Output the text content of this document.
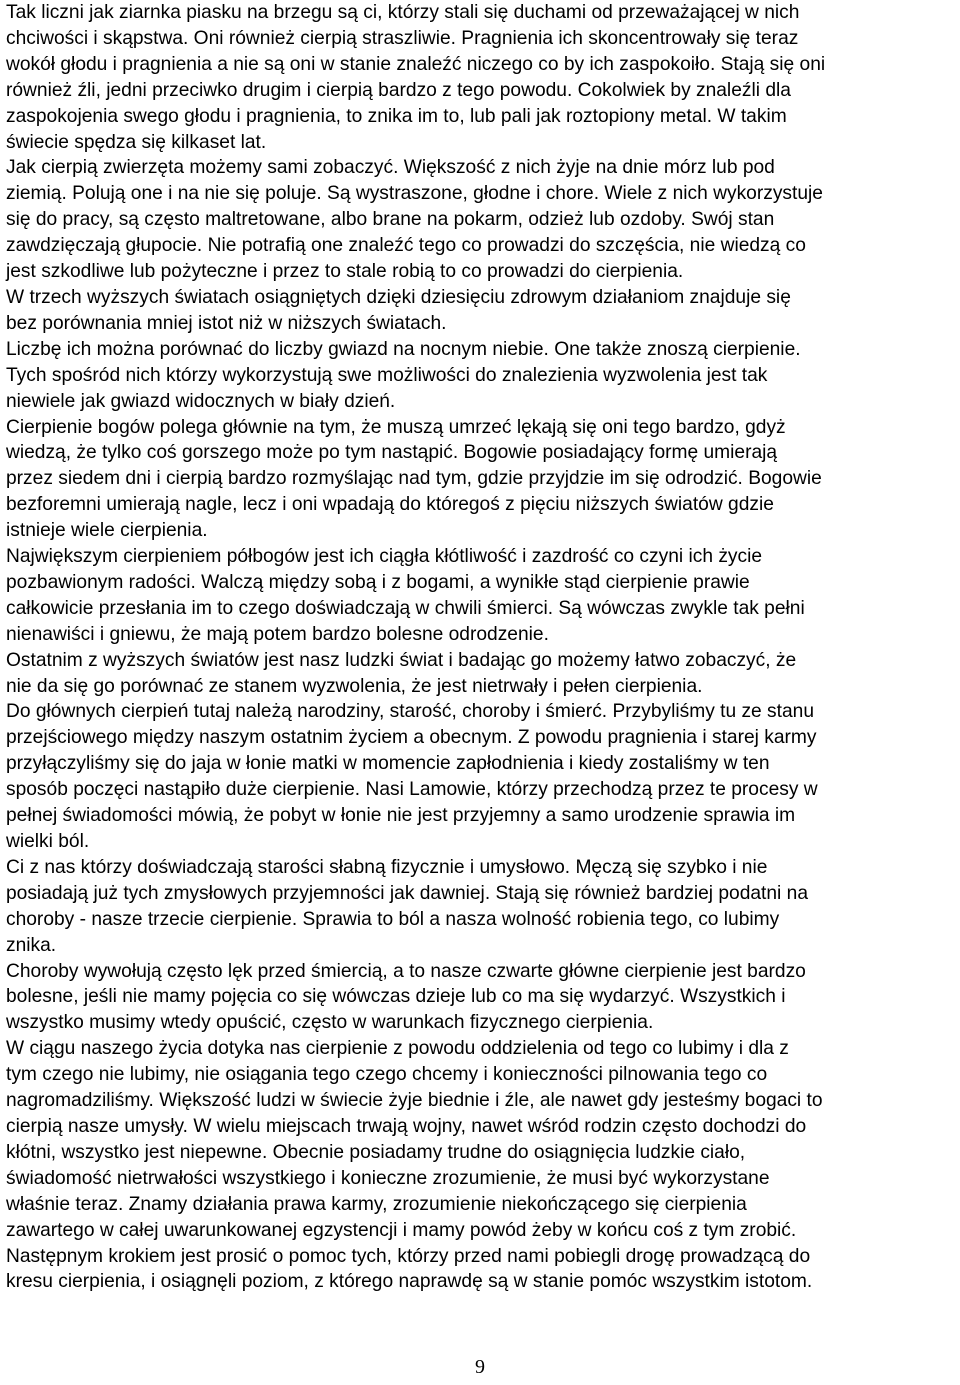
Tak liczni jak ziarnka piasku na brzegu są ci, którzy stali się duchami od przeważającej w nich
chciwości i skąpstwa. Oni również cierpią straszliwie. Pragnienia ich skoncentrowały się teraz
wokół głodu i pragnienia a nie są oni w stanie znaleźć niczego co by ich zaspokoiło. Stają się oni
również źli, jedni przeciwko drugim i cierpią bardzo z tego powodu. Cokolwiek by znaleźli dla
zaspokojenia swego głodu i pragnienia, to znika im to, lub pali jak roztopiony metal. W takim
świecie spędza się kilkaset lat.

Jak cierpią zwierzęta możemy sami zobaczyć. Większość z nich żyje na dnie mórz lub pod
ziemią. Polują one i na nie się poluje. Są wystraszone, głodne i chore. Wiele z nich wykorzystuje
się do pracy, są często maltretowane, albo brane na pokarm, odzież lub ozdoby. Swój stan
zawdzięczają głupocie. Nie potrafią one znaleźć tego co prowadzi do szczęścia, nie wiedzą co
jest szkodliwe lub pożyteczne i przez to stale robią to co prowadzi do cierpienia.

W trzech wyższych światach osiągniętych dzięki dziesięciu zdrowym działaniom znajduje się
bez porównania mniej istot niż w niższych światach.

Liczbę ich można porównać do liczby gwiazd na nocnym niebie. One także znoszą cierpienie.
Tych spośród nich którzy wykorzystują swe możliwości do znalezienia wyzwolenia jest tak
niewiele jak gwiazd widocznych w biały dzień.

Cierpienie bogów polega głównie na tym, że muszą umrzeć lękają się oni tego bardzo, gdyż
wiedzą, że tylko coś gorszego może po tym nastąpić. Bogowie posiadający formę umierają
przez siedem dni i cierpią bardzo rozmyślając nad tym, gdzie przyjdzie im się odrodzić. Bogowie
bezforemni umierają nagle, lecz i oni wpadają do któregoś z pięciu niższych światów gdzie
istnieje wiele cierpienia.

Największym cierpieniem półbogów jest ich ciągła kłótliwość i zazdrość co czyni ich życie
pozbawionym radości. Walczą między sobą i z bogami, a wynikłe stąd cierpienie prawie
całkowicie przesłania im to czego doświadczają w chwili śmierci. Są wówczas zwykle tak pełni
nienawiści i gniewu, że mają potem bardzo bolesne odrodzenie.

Ostatnim z wyższych światów jest nasz ludzki świat i badając go możemy łatwo zobaczyć, że
nie da się go porównać ze stanem wyzwolenia, że jest nietrwały i pełen cierpienia.

Do głównych cierpień tutaj należą narodziny, starość, choroby i śmierć. Przybyliśmy tu ze stanu
przejściowego między naszym ostatnim życiem a obecnym. Z powodu pragnienia i starej karmy
przyłączyliśmy się do jaja w łonie matki w momencie zapłodnienia i kiedy zostaliśmy w ten
sposób poczęci nastąpiło duże cierpienie. Nasi Lamowie, którzy przechodzą przez te procesy w
pełnej świadomości mówią, że pobyt w łonie nie jest przyjemny a samo urodzenie sprawia im
wielki ból.

Ci z nas którzy doświadczają starości słabną fizycznie i umysłowo. Męczą się szybko i nie
posiadają już tych zmysłowych przyjemności jak dawniej. Stają się również bardziej podatni na
choroby - nasze trzecie cierpienie. Sprawia to ból a nasza wolność robienia tego, co lubimy
znika.

Choroby wywołują często lęk przed śmiercią, a to nasze czwarte główne cierpienie jest bardzo
bolesne, jeśli nie mamy pojęcia co się wówczas dzieje lub co ma się wydarzyć. Wszystkich i
wszystko musimy wtedy opuścić, często w warunkach fizycznego cierpienia.

W ciągu naszego życia dotyka nas cierpienie z powodu oddzielenia od tego co lubimy i dla z
tym czego nie lubimy, nie osiągania tego czego chcemy i konieczności pilnowania tego co
nagromadziliśmy. Większość ludzi w świecie żyje biednie i źle, ale nawet gdy jesteśmy bogaci to
cierpią nasze umysły. W wielu miejscach trwają wojny, nawet wśród rodzin często dochodzi do
kłótni, wszystko jest niepewne. Obecnie posiadamy trudne do osiągnięcia ludzkie ciało,
świadomość nietrwałości wszystkiego i konieczne zrozumienie, że musi być wykorzystane
właśnie teraz. Znamy działania prawa karmy, zrozumienie niekończącego się cierpienia
zawartego w całej uwarunkowanej egzystencji i mamy powód żeby w końcu coś z tym zrobić.
Następnym krokiem jest prosić o pomoc tych, którzy przed nami pobiegli drogę prowadzącą do
kresu cierpienia, i osiągnęli poziom, z którego naprawdę są w stanie pomóc wszystkim istotom.

9
